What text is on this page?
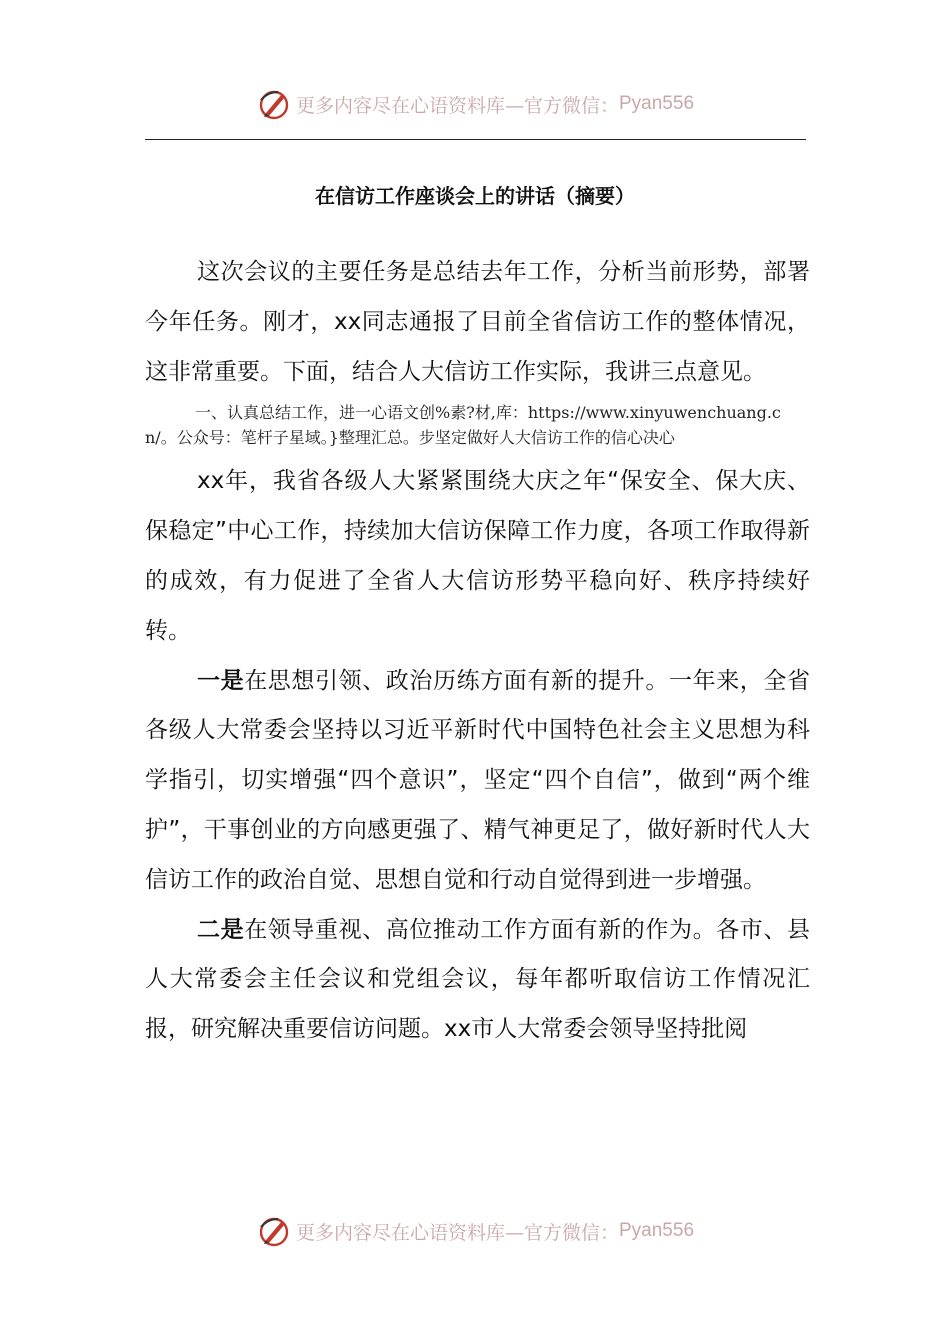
更多内容尽在心语资料库—官方微信： Pyan556
在信访工作座谈会上的讲话（摘要）

这次会议的主要任务是总结去年工作，分析当前形势，部署今年任务。刚才，xx同志通报了目前全省信访工作的整体情况，这非常重要。下面，结合人大信访工作实际，我讲三点意见。

一、认真总结工作，进一心语文创%素?材,库：https://www.xinyuwenchuang.cn/。公众号：笔杆子星域。}整理汇总。步坚定做好人大信访工作的信心决心

xx年，我省各级人大紧紧围绕大庆之年“保安全、保大庆、保稳定”中心工作，持续加大信访保障工作力度，各项工作取得新的成效，有力促进了全省人大信访形势平稳向好、秩序持续好转。

一是在思想引领、政治历练方面有新的提升。一年来，全省各级人大常委会坚持以习近平新时代中国特色社会主义思想为科学指引，切实增强“四个意识”，坚定“四个自信”，做到“两个维护”，干事创业的方向感更强了、精气神更足了，做好新时代人大信访工作的政治自觉、思想自觉和行动自觉得到进一步增强。

二是在领导重视、高位推动工作方面有新的作为。各市、县人大常委会主任会议和党组会议，每年都听取信访工作情况汇报，研究解决重要信访问题。xx市人大常委会领导坚持批阅

更多内容尽在心语资料库—官方微信： Pyan556
